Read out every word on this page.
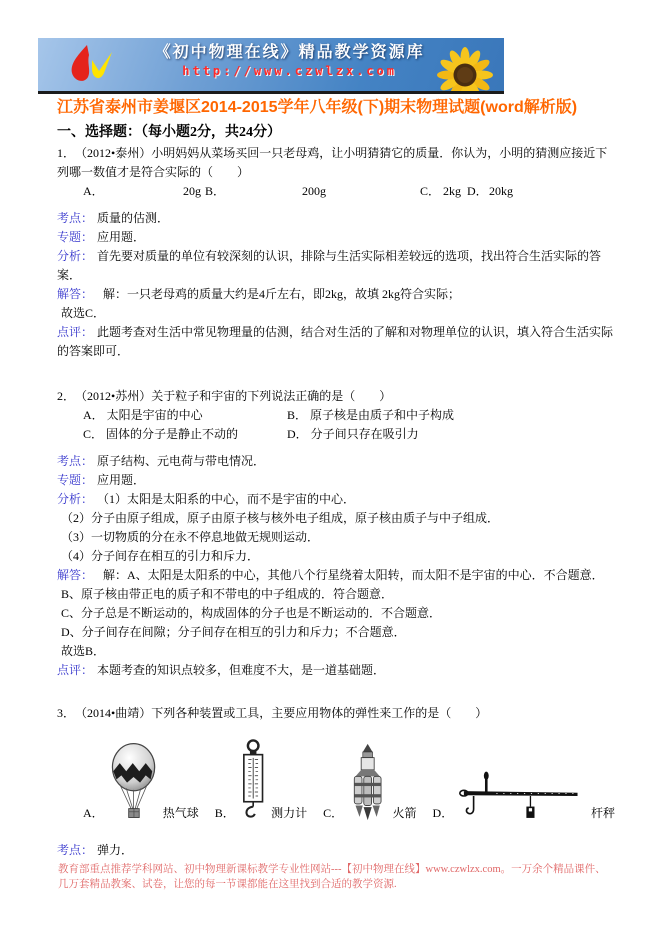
《初中物理在线》精品教学资源库
http://www.czwlzx.com
江苏省泰州市姜堰区2014-2015学年八年级(下)期末物理试题(word解析版)
一、选择题：（每小题2分，共24分）

1．　（2012•泰州）小明妈妈从菜场买回一只老母鸡，让小明猜猜它的质量．你认为，小明的猜测应接近下列哪一数值才是符合实际的（　　）

A．	20g B．	200g	C． 2kg D． 20kg

考点： 质量的估测．

专题： 应用题．

分析： 首先要对质量的单位有较深刻的认识，排除与生活实际相差较远的选项，找出符合生活实际的答案．

解答：　解：一只老母鸡的质量大约是4斤左右，即2kg，故填 2kg符合实际；

故选C．

点评： 此题考查对生活中常见物理量的估测，结合对生活的了解和对物理单位的认识，填入符合生活实际的答案即可．

2．　（2012•苏州）关于粒子和宇宙的下列说法正确的是（　　）

A． 太阳是宇宙的中心	B． 原子核是由质子和中子构成
C． 固体的分子是静止不动的	D． 分子间只存在吸引力

考点： 原子结构、元电荷与带电情况．

专题： 应用题．

分析：　（1）太阳是太阳系的中心，而不是宇宙的中心．

（2）分子由原子组成，原子由原子核与核外电子组成，原子核由质子与中子组成．

（3）一切物质的分在永不停息地做无规则运动．

（4）分子间存在相互的引力和斥力．

解答：　解：A、太阳是太阳系的中心，其他八个行星绕着太阳转，而太阳不是宇宙的中心．不合题意．

B、原子核由带正电的质子和不带电的中子组成的．符合题意．

C、分子总是不断运动的，构成固体的分子也是不断运动的．不合题意．

D、分子间存在间隙；分子间存在相互的引力和斥力；不合题意．

故选B．

点评： 本题考查的知识点较多，但难度不大，是一道基础题．

3．　（2014•曲靖）下列各种装置或工具，主要应用物体的弹性来工作的是（　　）

A．	热气球 B．	测力计 C．	火箭 D．	杆秤

考点： 弹力．

教育部重点推荐学科网站、初中物理新课标教学专业性网站---【初中物理在线】www.czwlzx.com。一万余个精品课件、几万套精品教案、试卷，让您的每一节课都能在这里找到合适的教学资源.
